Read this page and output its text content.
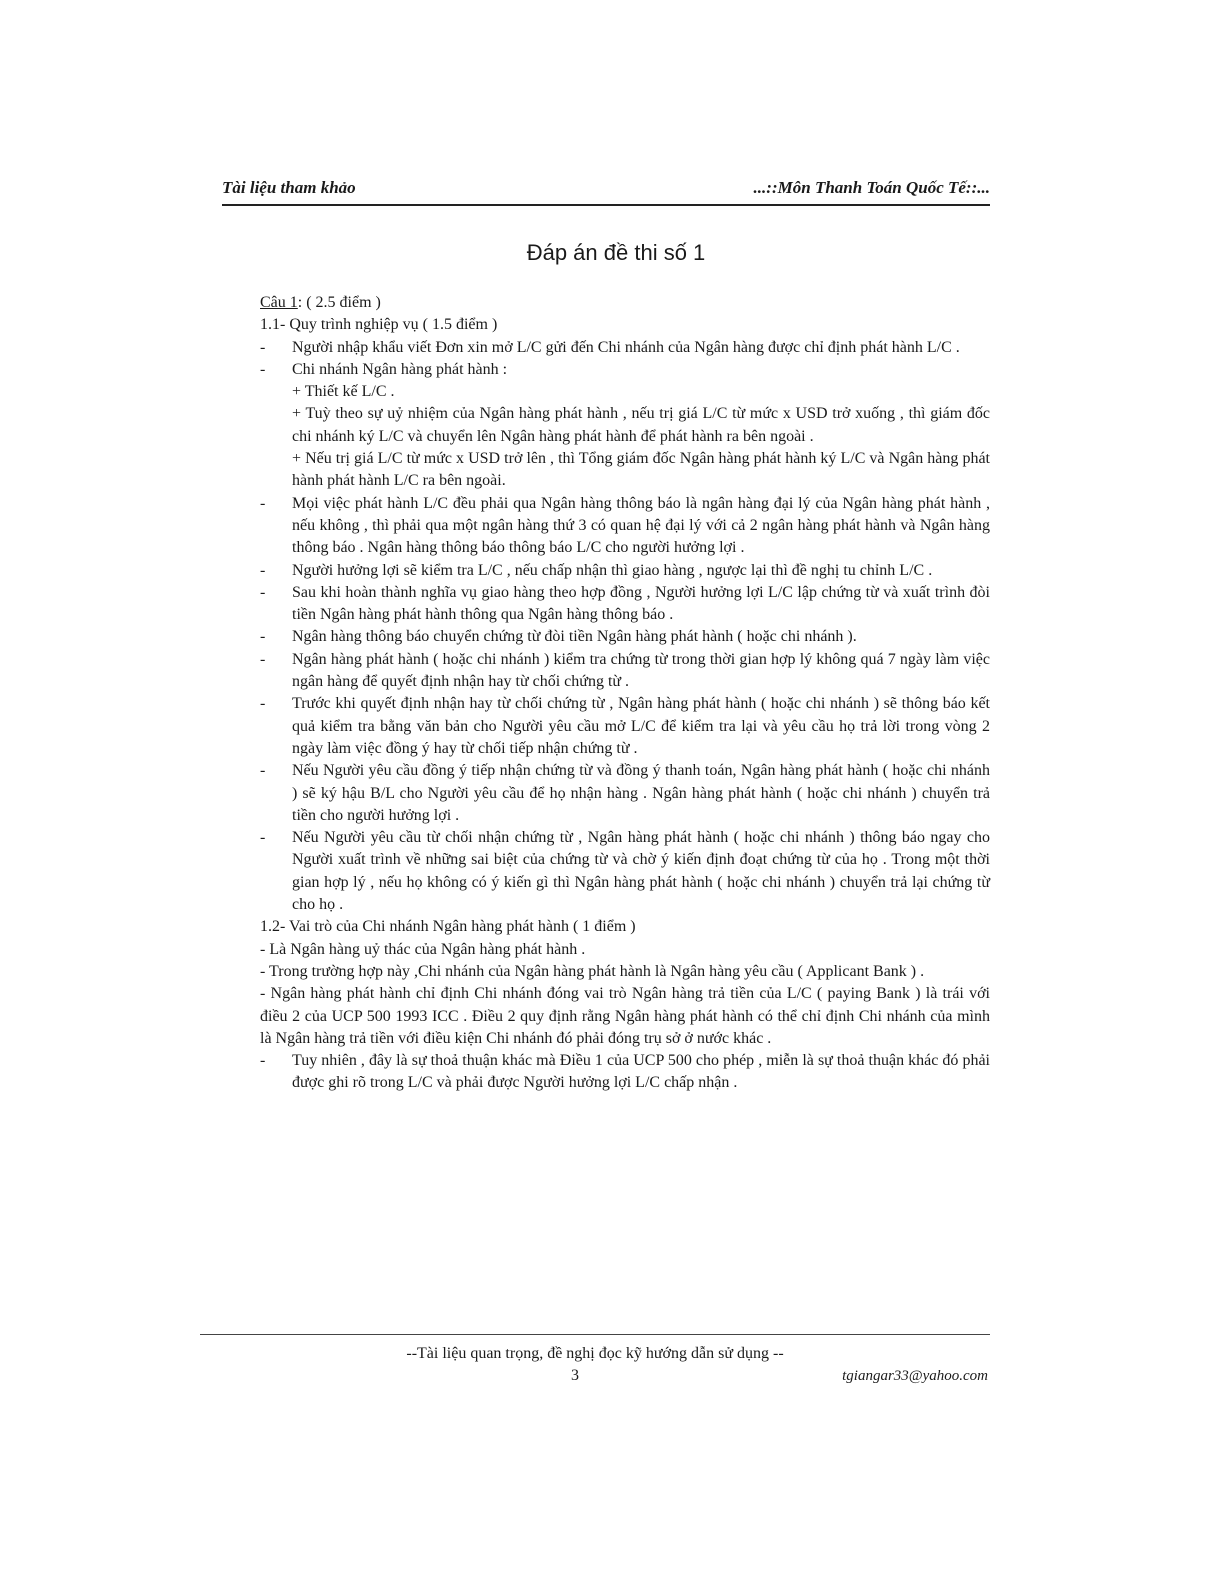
Tài liệu tham khảo	...::Môn Thanh Toán Quốc Tế::...
Đáp án đề thi số 1

Câu 1: ( 2.5 điểm )

1.1- Quy trình nghiệp vụ ( 1.5 điểm )

- Người nhập khẩu viết Đơn xin mở L/C gửi đến Chi nhánh của Ngân hàng được chỉ định phát hành L/C .
- Chi nhánh Ngân hàng phát hành :

+ Thiết kế L/C .

+ Tuỳ theo sự uỷ nhiệm của Ngân hàng phát hành , nếu trị giá L/C từ mức x USD trở xuống , thì giám đốc chi nhánh ký L/C và chuyển lên Ngân hàng phát hành để phát hành ra bên ngoài .

+ Nếu trị giá L/C từ mức x USD trở lên , thì Tổng giám đốc Ngân hàng phát hành ký L/C và Ngân hàng phát hành phát hành L/C ra bên ngoài.

- Mọi việc phát hành L/C đều phải qua Ngân hàng thông báo là ngân hàng đại lý của Ngân hàng phát hành , nếu không , thì phải qua một ngân hàng thứ 3 có quan hệ đại lý với cả 2 ngân hàng phát hành và Ngân hàng thông báo . Ngân hàng thông báo thông báo L/C cho người hưởng lợi .
- Người hưởng lợi sẽ kiểm tra L/C , nếu chấp nhận thì giao hàng , ngược lại thì đề nghị tu chỉnh L/C .
- Sau khi hoàn thành nghĩa vụ giao hàng theo hợp đồng , Người hưởng lợi L/C lập chứng từ và xuất trình đòi tiền Ngân hàng phát hành thông qua Ngân hàng thông báo .
- Ngân hàng thông báo chuyển chứng từ đòi tiền Ngân hàng phát hành ( hoặc chi nhánh ).
- Ngân hàng phát hành ( hoặc chi nhánh ) kiểm tra chứng từ trong thời gian hợp lý không quá 7 ngày làm việc ngân hàng để quyết định nhận hay từ chối chứng từ .
- Trước khi quyết định nhận hay từ chối chứng từ , Ngân hàng phát hành ( hoặc chi nhánh ) sẽ thông báo kết quả kiểm tra bằng văn bản cho Người yêu cầu mở L/C để kiểm tra lại và yêu cầu họ trả lời trong vòng 2 ngày làm việc đồng ý hay từ chối tiếp nhận chứng từ .
- Nếu Người yêu cầu đồng ý tiếp nhận chứng từ và đồng ý thanh toán, Ngân hàng phát hành ( hoặc chi nhánh ) sẽ ký hậu B/L cho Người yêu cầu để họ nhận hàng . Ngân hàng phát hành ( hoặc chi nhánh ) chuyển trả tiền cho người hưởng lợi .
- Nếu Người yêu cầu từ chối nhận chứng từ , Ngân hàng phát hành ( hoặc chi nhánh ) thông báo ngay cho Người xuất trình về những sai biệt của chứng từ và chờ ý kiến định đoạt chứng từ của họ . Trong một thời gian hợp lý , nếu họ không có ý kiến gì thì Ngân hàng phát hành ( hoặc chi nhánh ) chuyển trả lại chứng từ cho họ .

1.2- Vai trò của Chi nhánh Ngân hàng phát hành ( 1 điểm )

- Là Ngân hàng uỷ thác của Ngân hàng phát hành .

- Trong trường hợp này ,Chi nhánh của Ngân hàng phát hành là Ngân hàng yêu cầu ( Applicant Bank ) .

- Ngân hàng phát hành chỉ định Chi nhánh đóng vai trò Ngân hàng trả tiền của L/C ( paying Bank ) là trái với điều 2 của UCP 500 1993 ICC . Điều 2 quy định rằng Ngân hàng phát hành có thể chỉ định Chi nhánh của mình là Ngân hàng trả tiền với điều kiện Chi nhánh đó phải đóng trụ sở ở nước khác .

- Tuy nhiên , đây là sự thoả thuận khác mà Điều 1 của UCP 500 cho phép , miễn là sự thoả thuận khác đó phải được ghi rõ trong L/C và phải được Người hưởng lợi L/C chấp nhận .
--Tài liệu quan trọng, đề nghị đọc kỹ hướng dẫn sử dụng --
3	tgiangar33@yahoo.com
